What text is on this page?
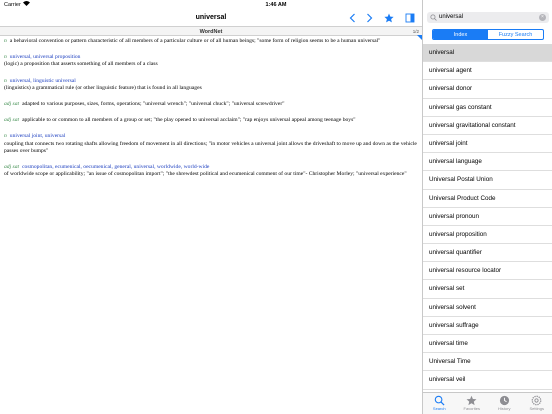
Carrier	1:46 AM
universal
WordNet	1/2
n a behavioral convention or pattern characteristic of all members of a particular culture or of all human beings; "some form of religion seems to be a human universal"
n universal, universal proposition
(logic) a proposition that asserts something of all members of a class
n universal, linguistic universal
(linguistics) a grammatical rule (or other linguistic feature) that is found in all languages
adj sat adapted to various purposes, sizes, forms, operations; "universal wrench"; "universal chuck"; "universal screwdriver"
adj sat applicable to or common to all members of a group or set; "the play opened to universal acclaim"; "rap enjoys universal appeal among teenage boys"
n universal joint, universal
coupling that connects two rotating shafts allowing freedom of movement in all directions; "in motor vehicles a universal joint allows the driveshaft to move up and down as the vehicle passes over bumps"
adj sat cosmopolitan, ecumenical, oecumenical, general, universal, worldwide, world-wide
of worldwide scope or applicability; "an issue of cosmopolitan import"; "the shrewdest political and ecumenical comment of our time"- Christopher Morley; "universal experience"
universal
×
Index	Fuzzy Search
universal
universal agent
universal donor
universal gas constant
universal gravitational constant
universal joint
universal language
Universal Postal Union
Universal Product Code
universal pronoun
universal proposition
universal quantifier
universal resource locator
universal set
universal solvent
universal suffrage
universal time
Universal Time
universal veil
Search	Favorites	History	Settings
